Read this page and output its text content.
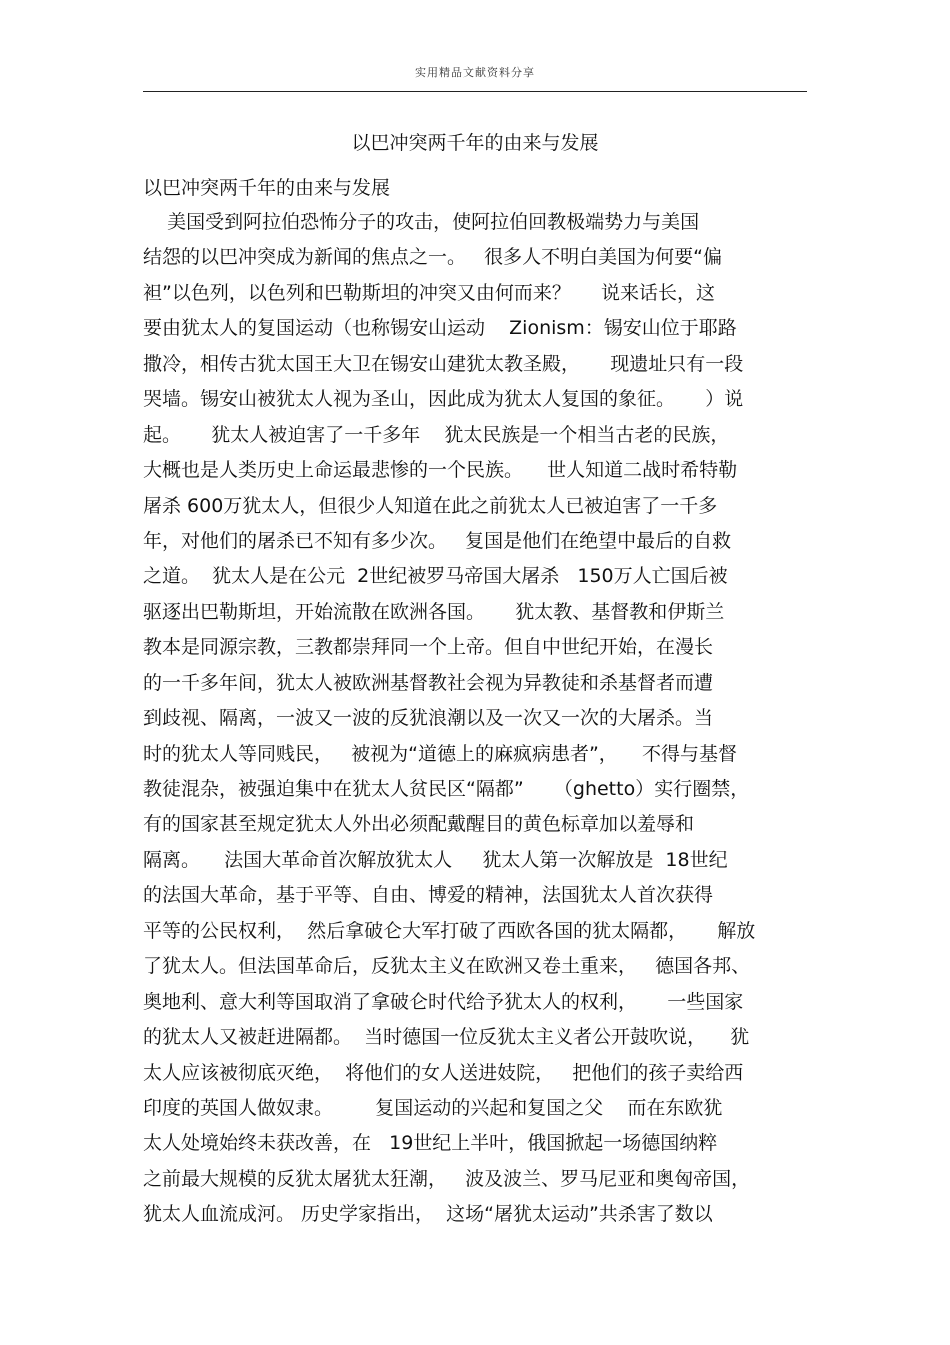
实用精品文献资料分享
以巴冲突两千年的由来与发展
以巴冲突两千年的由来与发展
美国受到阿拉伯恐怖分子的攻击，使阿拉伯回教极端势力与美国
结怨的以巴冲突成为新闻的焦点之一。   很多人不明白美国为何要“偏
袒”以色列，以色列和巴勒斯坦的冲突又由何而来？     说来话长，这
要由犹太人的复国运动（也称锡安山运动    Zionism：锡安山位于耶路
撒冷，相传古犹太国王大卫在锡安山建犹太教圣殿，     现遗址只有一段
哭墙。锡安山被犹太人视为圣山，因此成为犹太人复国的象征。     ）说
起。     犹太人被迫害了一千多年    犹太民族是一个相当古老的民族，
大概也是人类历史上命运最悲惨的一个民族。    世人知道二战时希特勒
屠杀 600万犹太人，但很少人知道在此之前犹太人已被迫害了一千多
年，对他们的屠杀已不知有多少次。   复国是他们在绝望中最后的自救
之道。  犹太人是在公元  2世纪被罗马帝国大屠杀   150万人亡国后被
驱逐出巴勒斯坦，开始流散在欧洲各国。     犹太教、基督教和伊斯兰
教本是同源宗教，三教都崇拜同一个上帝。但自中世纪开始，在漫长
的一千多年间，犹太人被欧洲基督教社会视为异教徒和杀基督者而遭
到歧视、隔离，一波又一波的反犹浪潮以及一次又一次的大屠杀。当
时的犹太人等同贱民，   被视为“道德上的麻疯病患者”，    不得与基督
教徒混杂，被强迫集中在犹太人贫民区“隔都”     （ghetto）实行圈禁，
有的国家甚至规定犹太人外出必须配戴醒目的黄色标章加以羞辱和
隔离。    法国大革命首次解放犹太人     犹太人第一次解放是  18世纪
的法国大革命，基于平等、自由、博爱的精神，法国犹太人首次获得
平等的公民权利，  然后拿破仑大军打破了西欧各国的犹太隔都，     解放
了犹太人。但法国革命后，反犹太主义在欧洲又卷土重来，   德国各邦、
奥地利、意大利等国取消了拿破仑时代给予犹太人的权利，     一些国家
的犹太人又被赶进隔都。  当时德国一位反犹太主义者公开鼓吹说，    犹
太人应该被彻底灭绝，  将他们的女人送进妓院，   把他们的孩子卖给西
印度的英国人做奴隶。       复国运动的兴起和复国之父    而在东欧犹
太人处境始终未获改善，在   19世纪上半叶，俄国掀起一场德国纳粹
之前最大规模的反犹太屠犹太狂潮，   波及波兰、罗马尼亚和奥匈帝国，
犹太人血流成河。 历史学家指出，  这场“屠犹太运动”共杀害了数以
